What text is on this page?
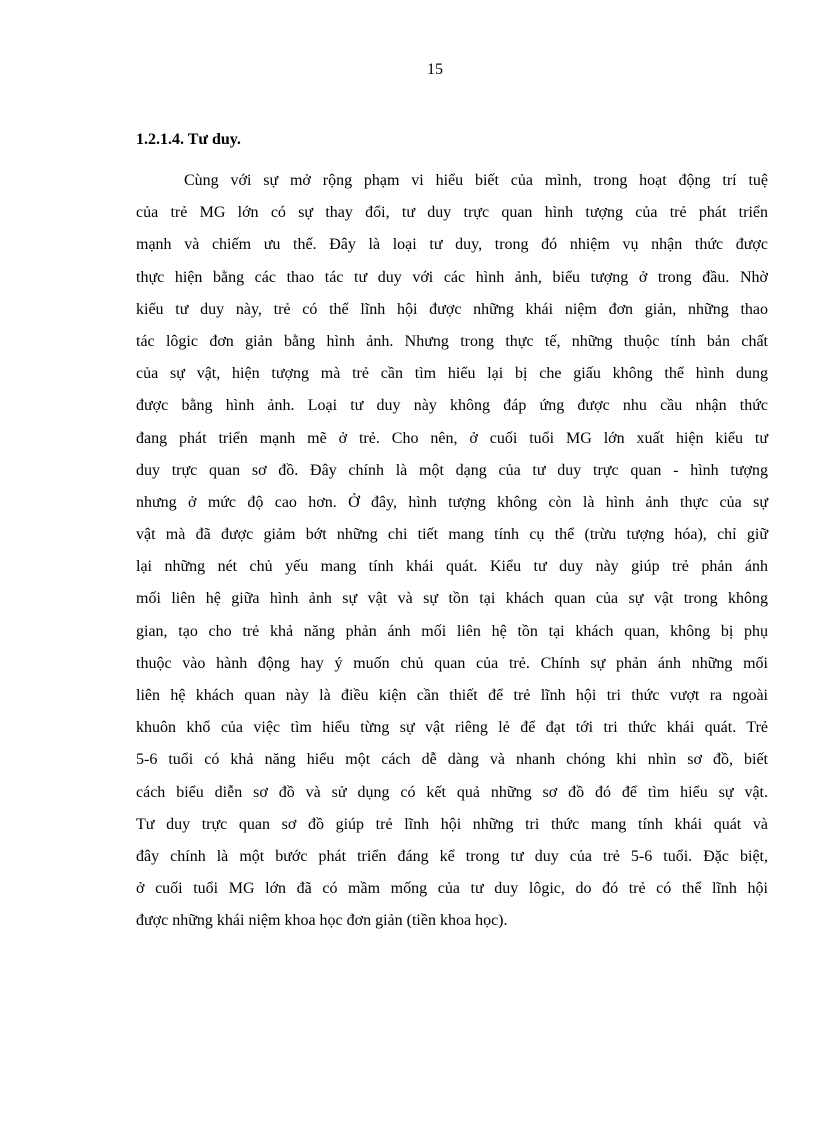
15
1.2.1.4. Tư duy.
Cùng với sự mở rộng phạm vi hiểu biết của mình, trong hoạt động trí tuệ
của trẻ MG lớn có sự thay đổi, tư duy trực quan hình tượng của trẻ phát triển
mạnh và chiếm ưu thế. Đây là loại tư duy, trong đó nhiệm vụ nhận thức được
thực hiện bằng các thao tác tư duy với các hình ảnh, biểu tượng ở trong đầu. Nhờ
kiểu tư duy này, trẻ có thể lĩnh hội được những khái niệm đơn giản, những thao
tác lôgic đơn giản bằng hình ảnh. Nhưng trong thực tế, những thuộc tính bản chất
của sự vật, hiện tượng mà trẻ cần tìm hiểu lại bị che giấu không thể hình dung
được bằng hình ảnh. Loại tư duy này không đáp ứng được nhu cầu nhận thức
đang phát triển mạnh mẽ ở trẻ. Cho nên, ở cuối tuổi MG lớn xuất hiện kiểu tư
duy trực quan sơ đồ. Đây chính là một dạng của tư duy trực quan - hình tượng
nhưng ở mức độ cao hơn. Ở đây, hình tượng không còn là hình ảnh thực của sự
vật mà đã được giảm bớt những chi tiết mang tính cụ thể (trừu tượng hóa), chỉ giữ
lại những nét chủ yếu mang tính khái quát. Kiểu tư duy này giúp trẻ phản ánh
mối liên hệ giữa hình ảnh sự vật và sự tồn tại khách quan của sự vật trong không
gian, tạo cho trẻ khả năng phản ánh mối liên hệ tồn tại khách quan, không bị phụ
thuộc vào hành động hay ý muốn chủ quan của trẻ. Chính sự phản ánh những mối
liên hệ khách quan này là điều kiện cần thiết để trẻ lĩnh hội tri thức vượt ra ngoài
khuôn khổ của việc tìm hiểu từng sự vật riêng lẻ để đạt tới tri thức khái quát. Trẻ
5-6 tuổi có khả năng hiểu một cách dễ dàng và nhanh chóng khi nhìn sơ đồ, biết
cách biểu diễn sơ đồ và sử dụng có kết quả những sơ đồ đó để tìm hiểu sự vật.
Tư duy trực quan sơ đồ giúp trẻ lĩnh hội những tri thức mang tính khái quát và
đây chính là một bước phát triển đáng kể trong tư duy của trẻ 5-6 tuổi. Đặc biệt,
ở cuối tuổi MG lớn đã có mầm mống của tư duy lôgic, do đó trẻ có thể lĩnh hội
được những khái niệm khoa học đơn giản (tiền khoa học).
